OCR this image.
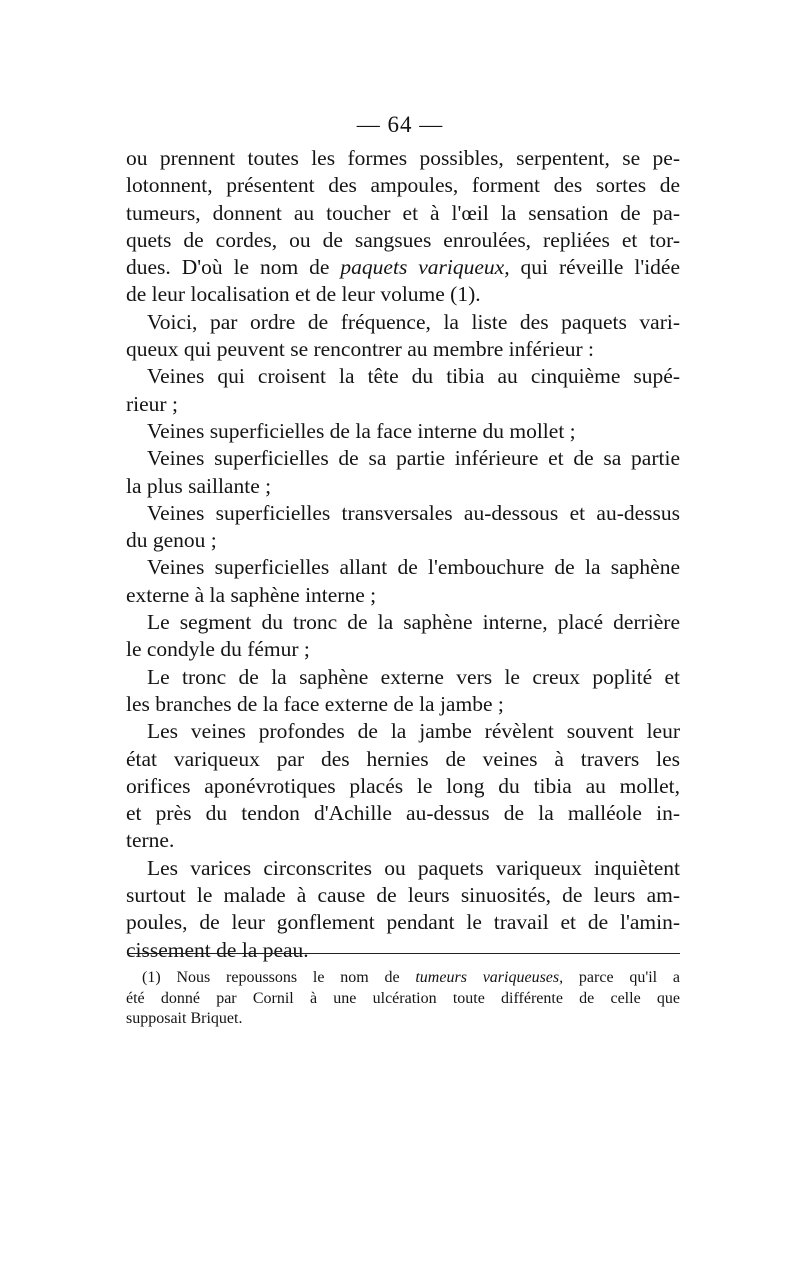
— 64 —
ou prennent toutes les formes possibles, serpentent, se pe-
lotonnent, présentent des ampoules, forment des sortes de
tumeurs, donnent au toucher et à l'œil la sensation de pa-
quets de cordes, ou de sangsues enroulées, repliées et tor-
dues. D'où le nom de paquets variqueux, qui réveille l'idée
de leur localisation et de leur volume (1).
Voici, par ordre de fréquence, la liste des paquets vari-
queux qui peuvent se rencontrer au membre inférieur :
Veines qui croisent la tête du tibia au cinquième supé-
rieur ;
Veines superficielles de la face interne du mollet ;
Veines superficielles de sa partie inférieure et de sa partie
la plus saillante ;
Veines superficielles transversales au-dessous et au-dessus
du genou ;
Veines superficielles allant de l'embouchure de la saphène
externe à la saphène interne ;
Le segment du tronc de la saphène interne, placé derrière
le condyle du fémur ;
Le tronc de la saphène externe vers le creux poplité et
les branches de la face externe de la jambe ;
Les veines profondes de la jambe révèlent souvent leur
état variqueux par des hernies de veines à travers les
orifices aponévrotiques placés le long du tibia au mollet,
et près du tendon d'Achille au-dessus de la malléole in-
terne.
Les varices circonscrites ou paquets variqueux inquiètent
surtout le malade à cause de leurs sinuosités, de leurs am-
poules, de leur gonflement pendant le travail et de l'amin-
cissement de la peau.
(1) Nous repoussons le nom de tumeurs variqueuses, parce qu'il a
été donné par Cornil à une ulcération toute différente de celle que
supposait Briquet.
